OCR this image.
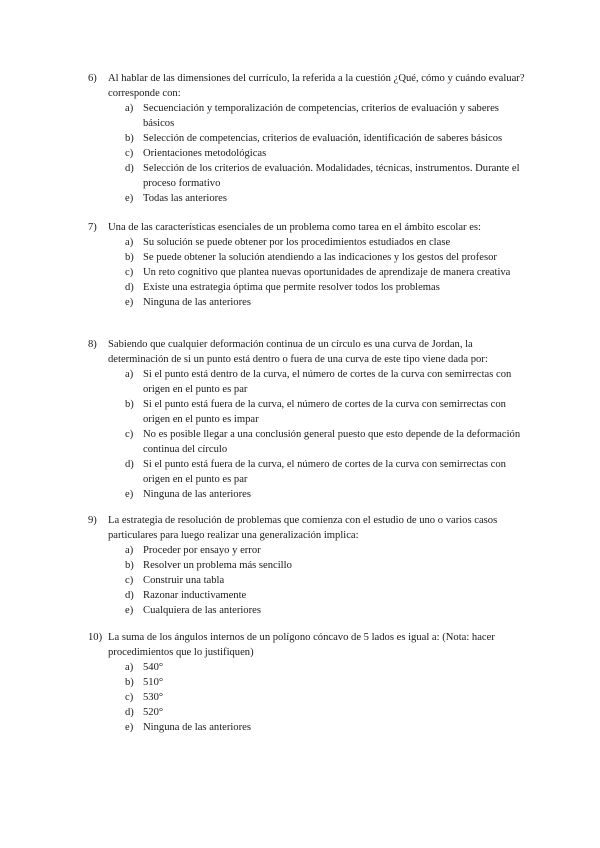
6)	Al hablar de las dimensiones del currículo, la referida a la cuestión ¿Qué, cómo y cuándo evaluar? corresponde con:
a) Secuenciación y temporalización de competencias, criterios de evaluación y saberes básicos
b) Selección de competencias, criterios de evaluación, identificación de saberes básicos
c) Orientaciones metodológicas
d) Selección de los criterios de evaluación. Modalidades, técnicas, instrumentos. Durante el proceso formativo
e) Todas las anteriores
7)	Una de las características esenciales de un problema como tarea en el ámbito escolar es:
a) Su solución se puede obtener por los procedimientos estudiados en clase
b) Se puede obtener la solución atendiendo a las indicaciones y los gestos del profesor
c) Un reto cognitivo que plantea nuevas oportunidades de aprendizaje de manera creativa
d) Existe una estrategia óptima que permite resolver todos los problemas
e) Ninguna de las anteriores
8)	Sabiendo que cualquier deformación continua de un círculo es una curva de Jordan, la determinación de si un punto está dentro o fuera de una curva de este tipo viene dada por:
a) Si el punto está dentro de la curva, el número de cortes de la curva con semirrectas con origen en el punto es par
b) Si el punto está fuera de la curva, el número de cortes de la curva con semirrectas con origen en el punto es impar
c) No es posible llegar a una conclusión general puesto que esto depende de la deformación continua del círculo
d) Si el punto está fuera de la curva, el número de cortes de la curva con semirrectas con origen en el punto es par
e) Ninguna de las anteriores
9)	La estrategia de resolución de problemas que comienza con el estudio de uno o varios casos particulares para luego realizar una generalización implica:
a) Proceder por ensayo y error
b) Resolver un problema más sencillo
c) Construir una tabla
d) Razonar inductivamente
e) Cualquiera de las anteriores
10) La suma de los ángulos internos de un polígono cóncavo de 5 lados es igual a: (Nota: hacer procedimientos que lo justifiquen)
a) 540°
b) 510°
c) 530°
d) 520°
e) Ninguna de las anteriores
